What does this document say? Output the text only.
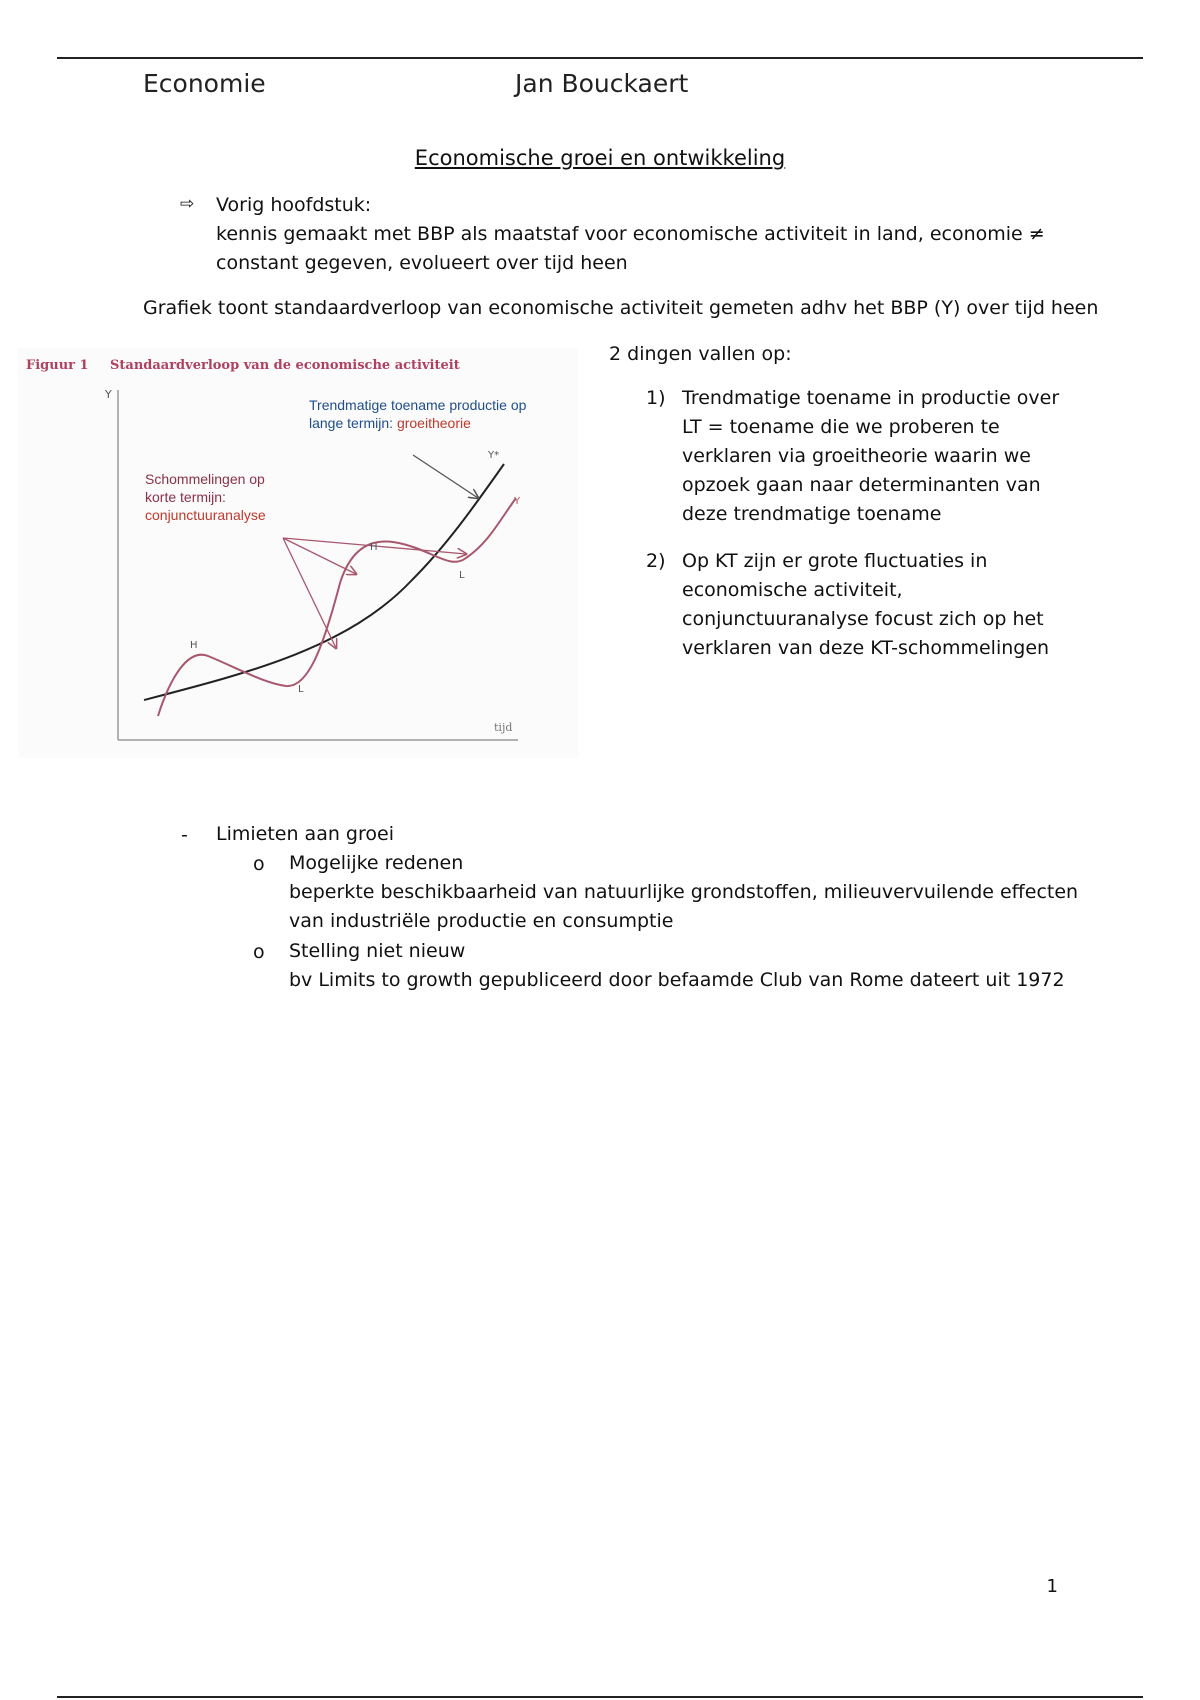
Economie	Jan Bouckaert
Economische groei en ontwikkeling
⇨ Vorig hoofdstuk:
kennis gemaakt met BBP als maatstaf voor economische activiteit in land, economie ≠
constant gegeven, evolueert over tijd heen
Grafiek toont standaardverloop van economische activiteit gemeten adhv het BBP (Y) over tijd heen
Figuur 1 Standaardverloop van de economische activiteit
Y
tijd
Trendmatige toename productie op
lange termijn: groeitheorie
Schommelingen op
korte termijn:
conjunctuuranalyse
Y*
Y
H
L
H
L
2 dingen vallen op:
1) Trendmatige toename in productie over
LT = toename die we proberen te
verklaren via groeitheorie waarin we
opzoek gaan naar determinanten van
deze trendmatige toename
2) Op KT zijn er grote fluctuaties in
economische activiteit,
conjunctuuranalyse focust zich op het
verklaren van deze KT-schommelingen
- Limieten aan groei
o Mogelijke redenen
beperkte beschikbaarheid van natuurlijke grondstoffen, milieuvervuilende effecten
van industriële productie en consumptie
o Stelling niet nieuw
bv Limits to growth gepubliceerd door befaamde Club van Rome dateert uit 1972
1
